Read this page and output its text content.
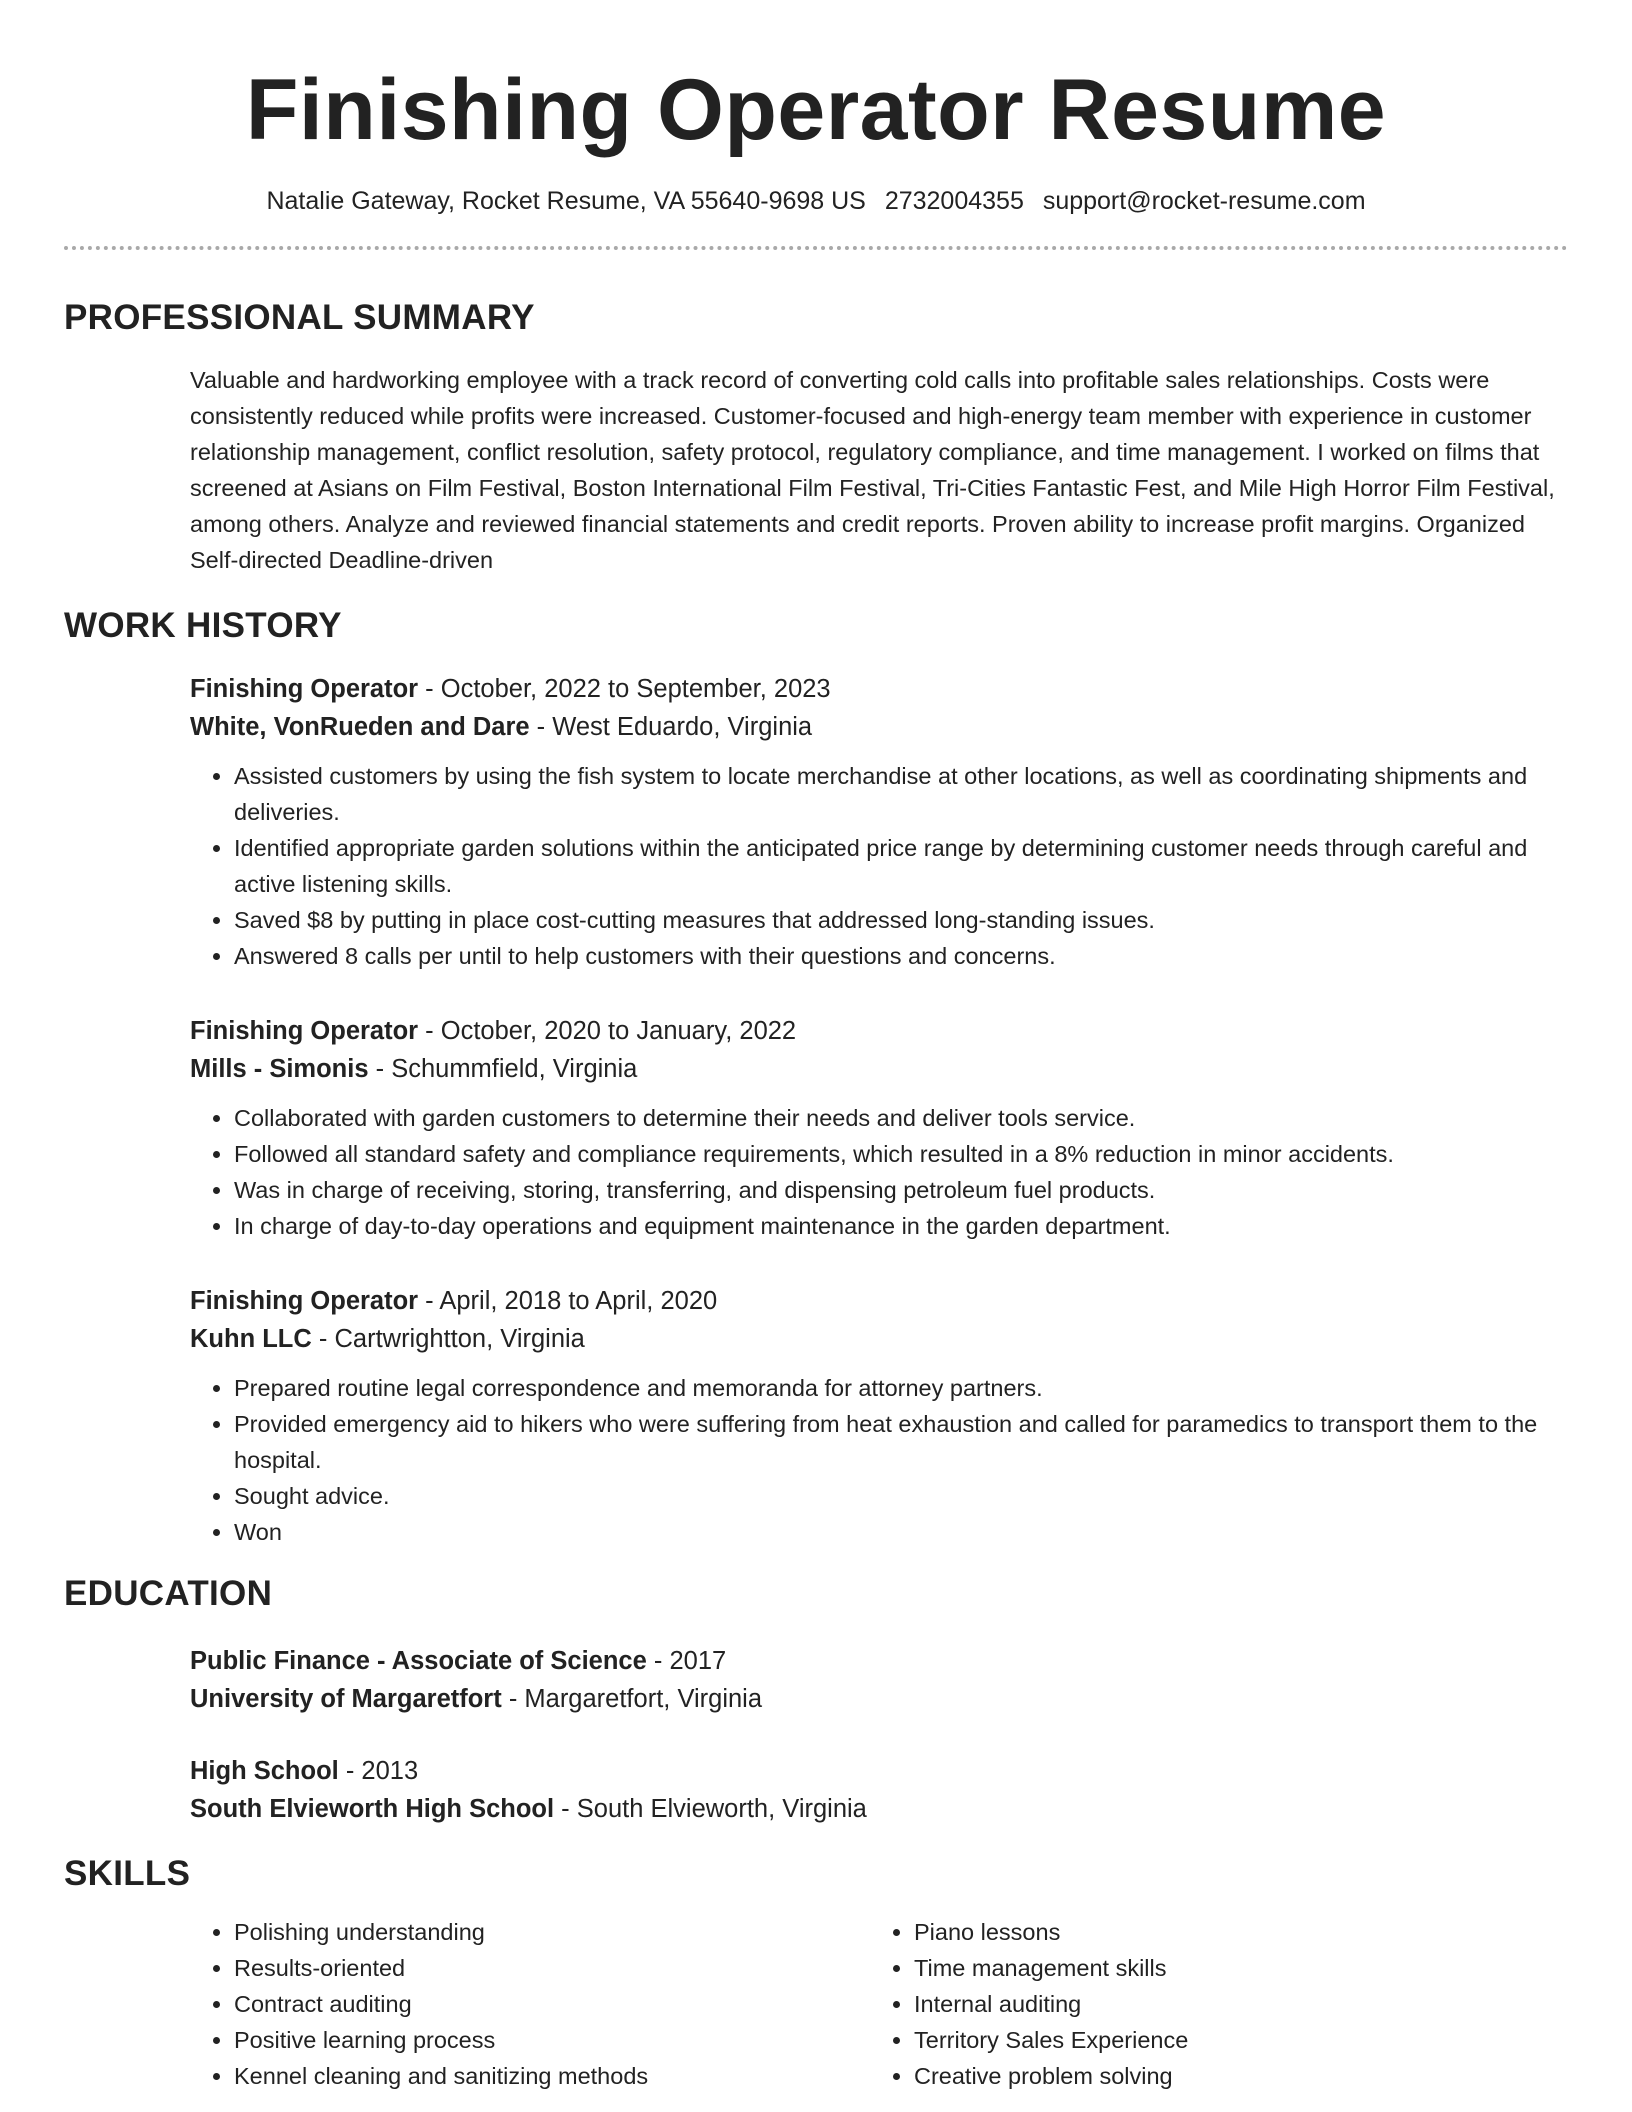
Finishing Operator Resume
Natalie Gateway, Rocket Resume, VA 55640-9698 US 2732004355 support@rocket-resume.com
PROFESSIONAL SUMMARY
Valuable and hardworking employee with a track record of converting cold calls into profitable sales relationships. Costs were consistently reduced while profits were increased. Customer-focused and high-energy team member with experience in customer relationship management, conflict resolution, safety protocol, regulatory compliance, and time management. I worked on films that screened at Asians on Film Festival, Boston International Film Festival, Tri-Cities Fantastic Fest, and Mile High Horror Film Festival, among others. Analyze and reviewed financial statements and credit reports. Proven ability to increase profit margins. Organized Self-directed Deadline-driven
WORK HISTORY
Finishing Operator - October, 2022 to September, 2023
White, VonRueden and Dare - West Eduardo, Virginia
• Assisted customers by using the fish system to locate merchandise at other locations, as well as coordinating shipments and deliveries.
• Identified appropriate garden solutions within the anticipated price range by determining customer needs through careful and active listening skills.
• Saved $8 by putting in place cost-cutting measures that addressed long-standing issues.
• Answered 8 calls per until to help customers with their questions and concerns.
Finishing Operator - October, 2020 to January, 2022
Mills - Simonis - Schummfield, Virginia
• Collaborated with garden customers to determine their needs and deliver tools service.
• Followed all standard safety and compliance requirements, which resulted in a 8% reduction in minor accidents.
• Was in charge of receiving, storing, transferring, and dispensing petroleum fuel products.
• In charge of day-to-day operations and equipment maintenance in the garden department.
Finishing Operator - April, 2018 to April, 2020
Kuhn LLC - Cartwrightton, Virginia
• Prepared routine legal correspondence and memoranda for attorney partners.
• Provided emergency aid to hikers who were suffering from heat exhaustion and called for paramedics to transport them to the hospital.
• Sought advice.
• Won
EDUCATION
Public Finance - Associate of Science - 2017
University of Margaretfort - Margaretfort, Virginia
High School - 2013
South Elvieworth High School - South Elvieworth, Virginia
SKILLS
• Polishing understanding
• Results-oriented
• Contract auditing
• Positive learning process
• Kennel cleaning and sanitizing methods
• Piano lessons
• Time management skills
• Internal auditing
• Territory Sales Experience
• Creative problem solving
